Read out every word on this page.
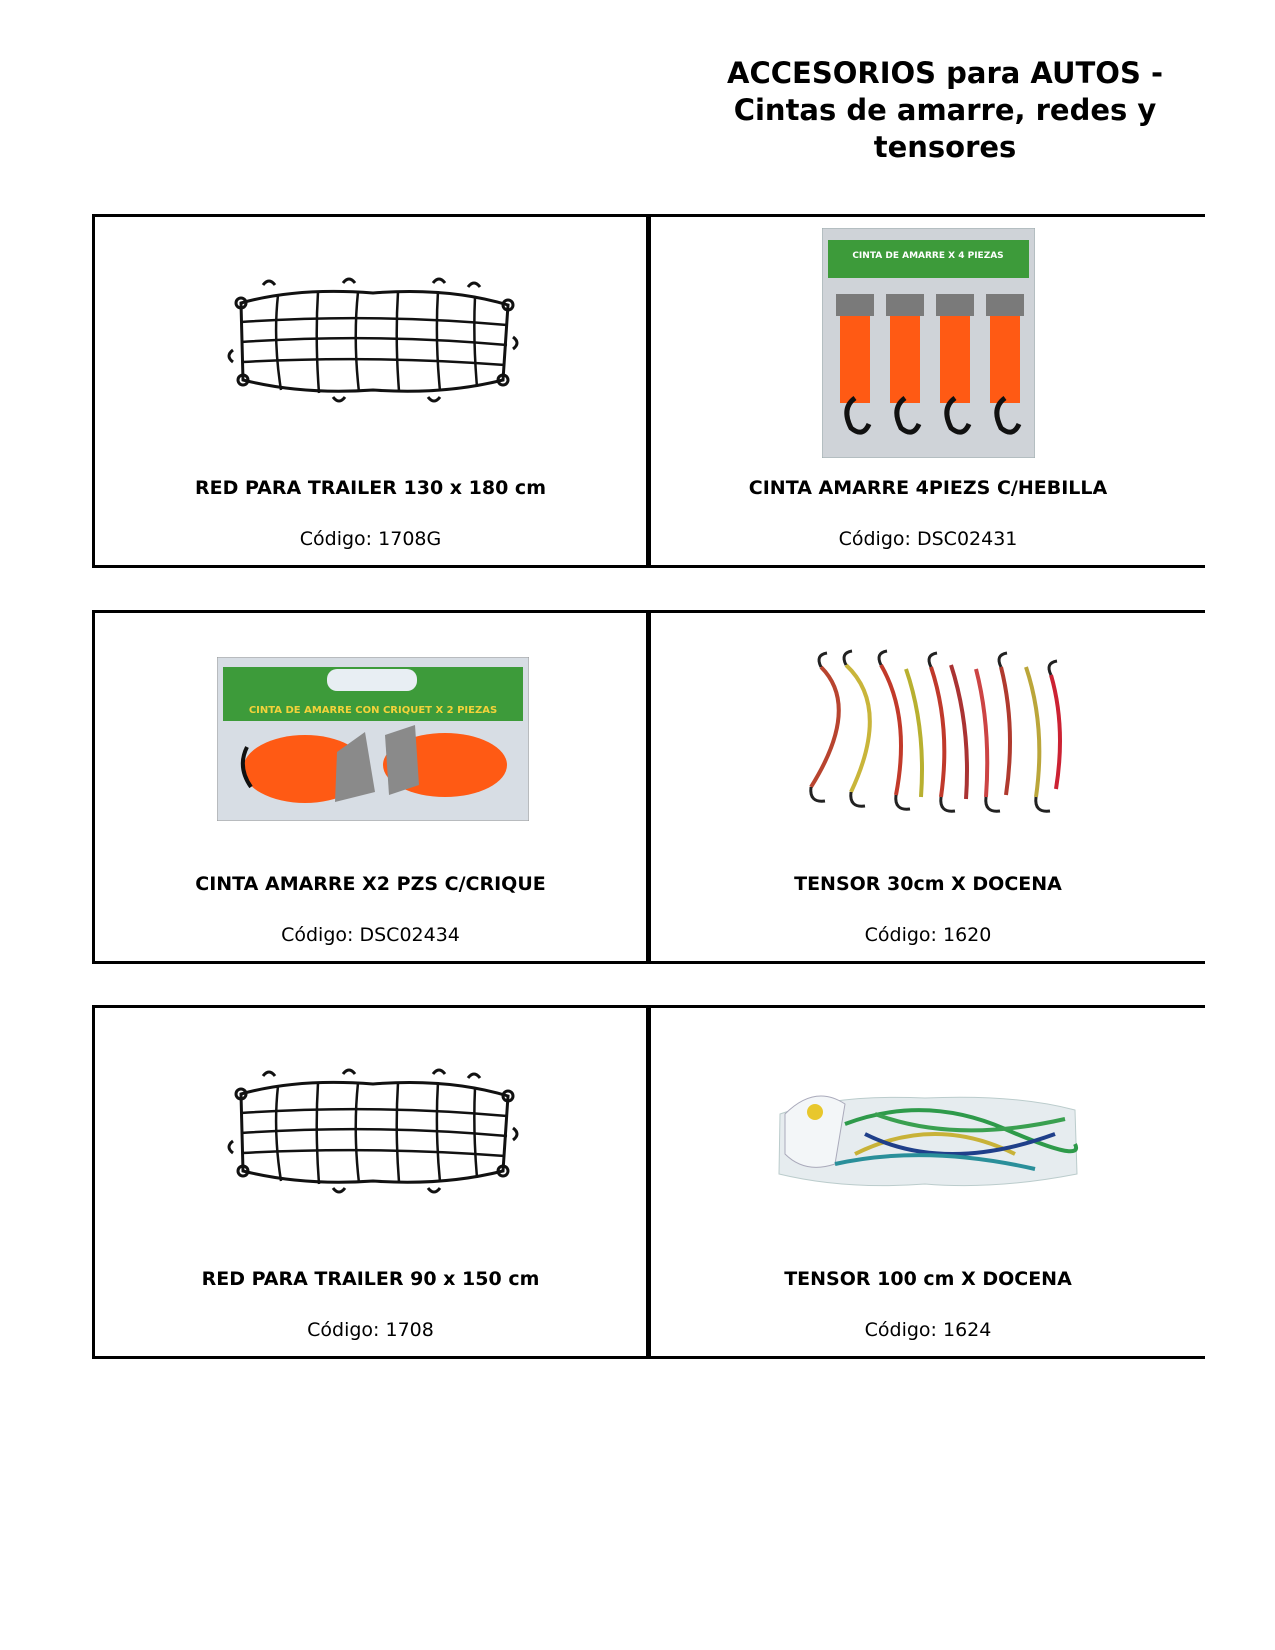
ACCESORIOS para AUTOS -
Cintas de amarre, redes y
tensores
RED PARA TRAILER 130 x 180 cm
Código: 1708G
CINTA DE AMARRE X 4 PIEZAS
CINTA AMARRE 4PIEZS C/HEBILLA
Código: DSC02431
CINTA DE AMARRE CON CRIQUET X 2 PIEZAS
CINTA AMARRE X2 PZS C/CRIQUE
Código: DSC02434
TENSOR 30cm X DOCENA
Código: 1620
RED PARA TRAILER 90 x 150 cm
Código: 1708
TENSOR 100 cm X DOCENA
Código: 1624
